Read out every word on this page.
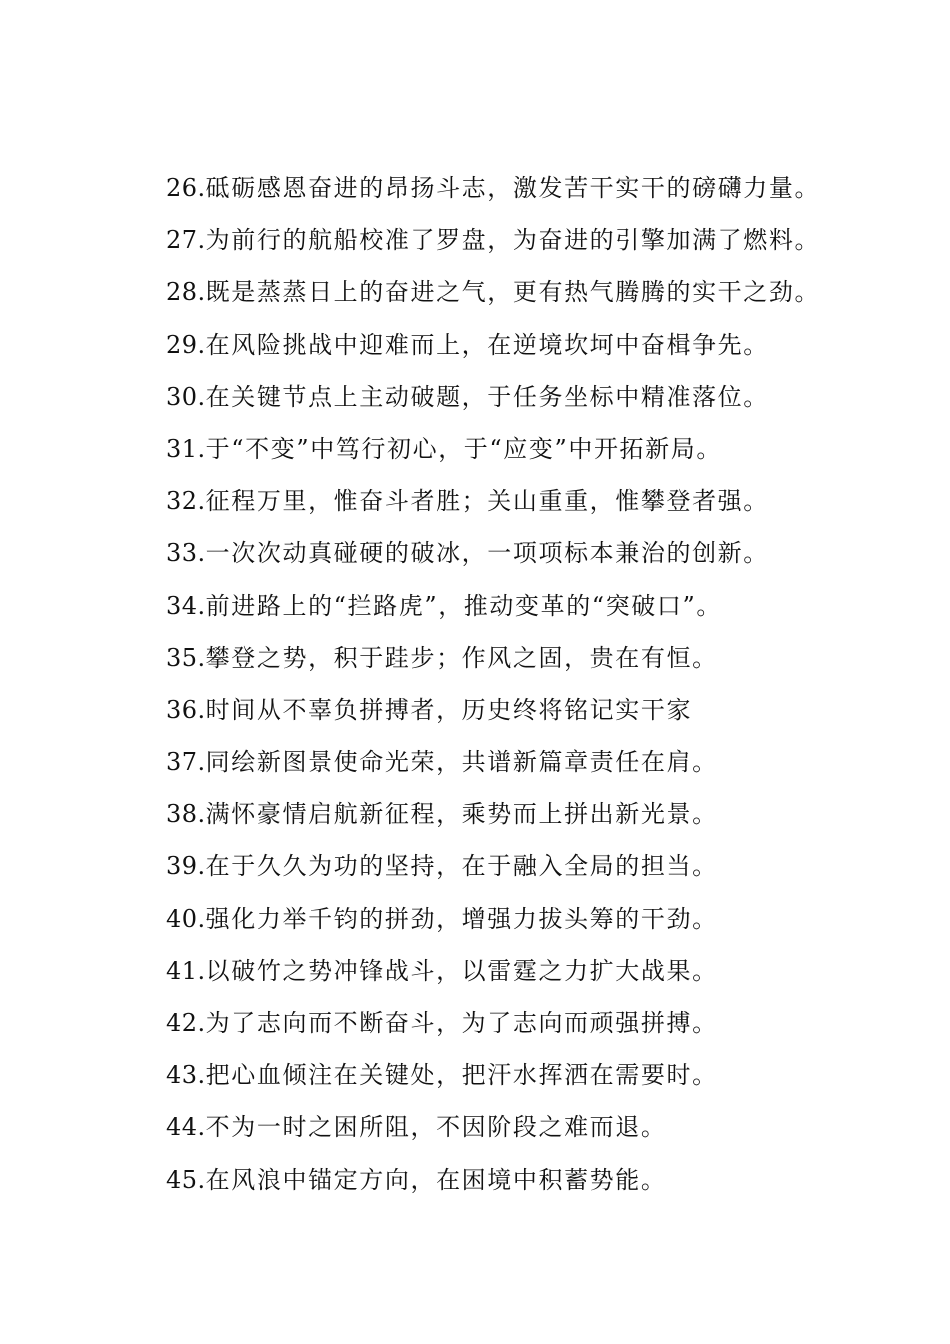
26.砥砺感恩奋进的昂扬斗志，激发苦干实干的磅礴力量。
27.为前行的航船校准了罗盘，为奋进的引擎加满了燃料。
28.既是蒸蒸日上的奋进之气，更有热气腾腾的实干之劲。
29.在风险挑战中迎难而上，在逆境坎坷中奋楫争先。
30.在关键节点上主动破题，于任务坐标中精准落位。
31.于“不变”中笃行初心，于“应变”中开拓新局。
32.征程万里，惟奋斗者胜；关山重重，惟攀登者强。
33.一次次动真碰硬的破冰，一项项标本兼治的创新。
34.前进路上的“拦路虎”，推动变革的“突破口”。
35.攀登之势，积于跬步；作风之固，贵在有恒。
36.时间从不辜负拼搏者，历史终将铭记实干家
37.同绘新图景使命光荣，共谱新篇章责任在肩。
38.满怀豪情启航新征程，乘势而上拼出新光景。
39.在于久久为功的坚持，在于融入全局的担当。
40.强化力举千钧的拼劲，增强力拔头筹的干劲。
41.以破竹之势冲锋战斗，以雷霆之力扩大战果。
42.为了志向而不断奋斗，为了志向而顽强拼搏。
43.把心血倾注在关键处，把汗水挥洒在需要时。
44.不为一时之困所阻，不因阶段之难而退。
45.在风浪中锚定方向，在困境中积蓄势能。
